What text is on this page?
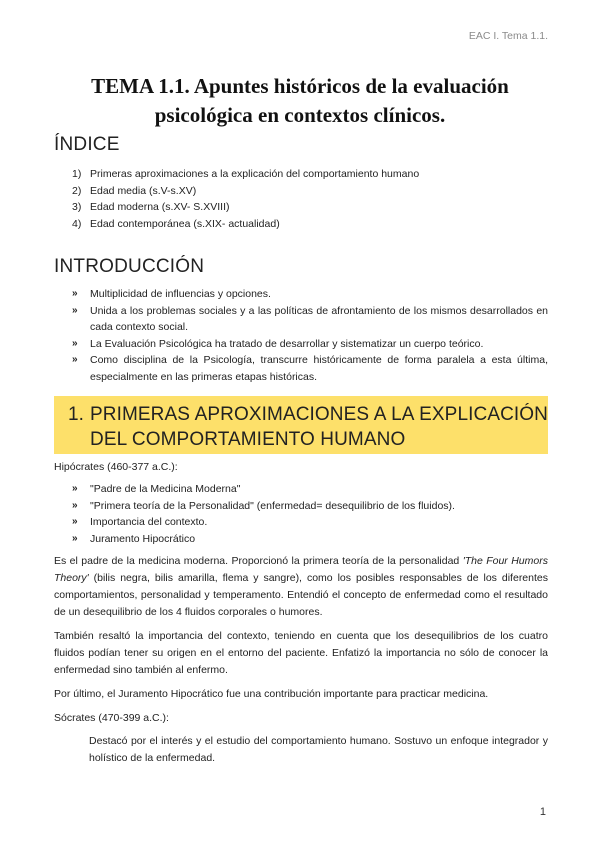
EAC I. Tema 1.1.
TEMA 1.1. Apuntes históricos de la evaluación
psicológica en contextos clínicos.
ÍNDICE
1) Primeras aproximaciones a la explicación del comportamiento humano
2) Edad media (s.V-s.XV)
3) Edad moderna (s.XV- S.XVIII)
4) Edad contemporánea (s.XIX- actualidad)
INTRODUCCIÓN
» Multiplicidad de influencias y opciones.
» Unida a los problemas sociales y a las políticas de afrontamiento de los mismos desarrollados en cada contexto social.
» La Evaluación Psicológica ha tratado de desarrollar y sistematizar un cuerpo teórico.
» Como disciplina de la Psicología, transcurre históricamente de forma paralela a esta última, especialmente en las primeras etapas históricas.
1. PRIMERAS APROXIMACIONES A LA EXPLICACIÓN
DEL COMPORTAMIENTO HUMANO

Hipócrates (460-377 a.C.):

» "Padre de la Medicina Moderna"
» "Primera teoría de la Personalidad" (enfermedad= desequilibrio de los fluidos).
» Importancia del contexto.
» Juramento Hipocrático

Es el padre de la medicina moderna. Proporcionó la primera teoría de la personalidad 'The Four Humors Theory' (bilis negra, bilis amarilla, flema y sangre), como los posibles responsables de los diferentes comportamientos, personalidad y temperamento. Entendió el concepto de enfermedad como el resultado de un desequilibrio de los 4 fluidos corporales o humores.

También resaltó la importancia del contexto, teniendo en cuenta que los desequilibrios de los cuatro fluidos podían tener su origen en el entorno del paciente. Enfatizó la importancia no sólo de conocer la enfermedad sino también al enfermo.

Por último, el Juramento Hipocrático fue una contribución importante para practicar medicina.

Sócrates (470-399 a.C.):

Destacó por el interés y el estudio del comportamiento humano. Sostuvo un enfoque integrador y holístico de la enfermedad.

1
